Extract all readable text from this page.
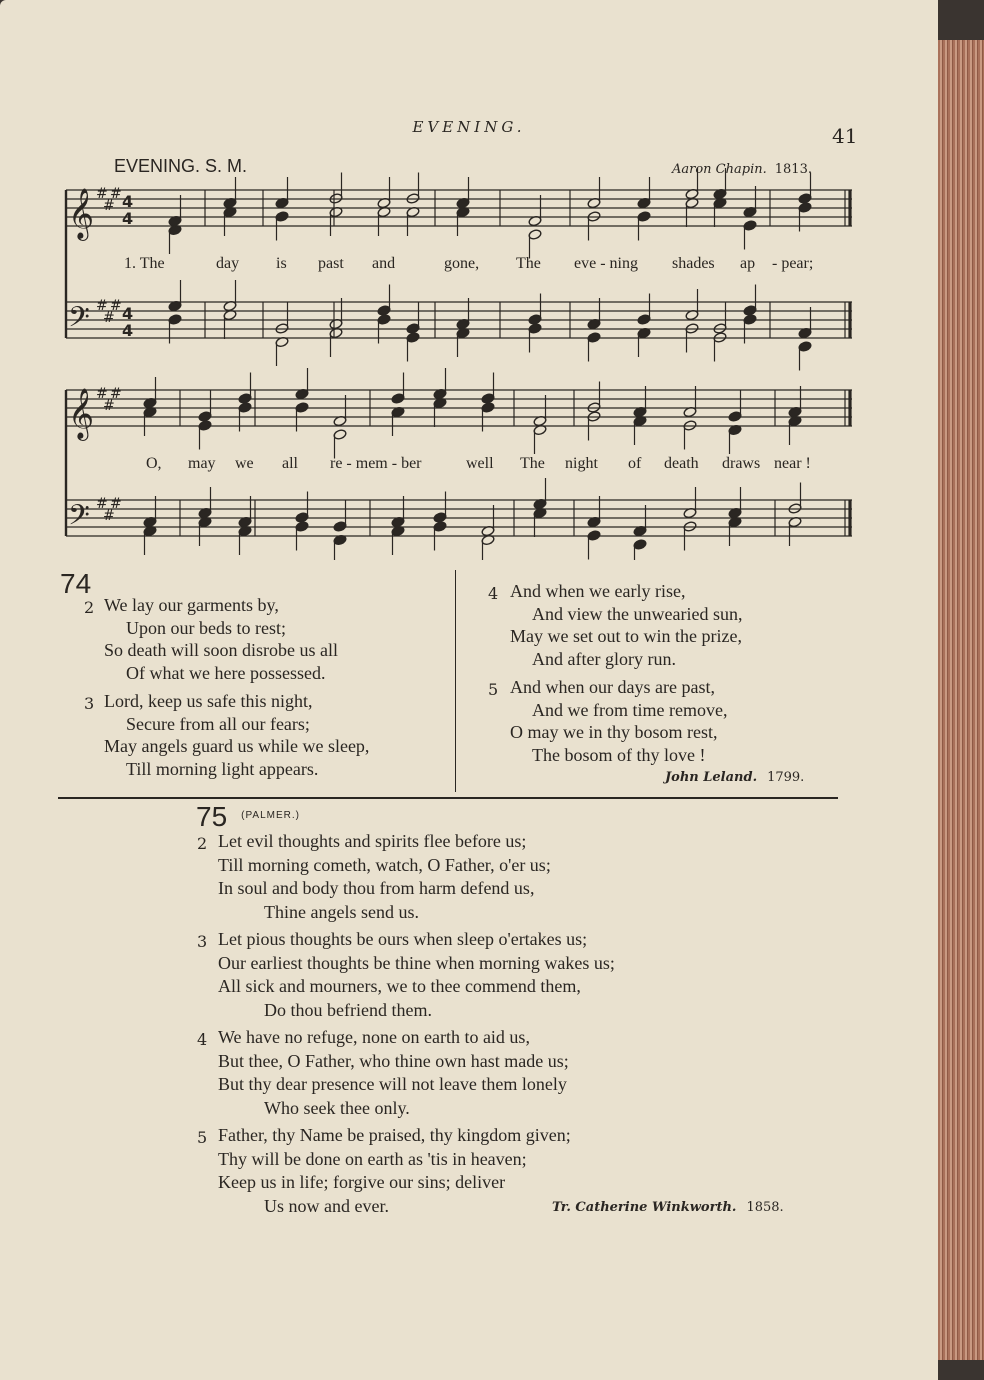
EVENING.	41
EVENING. S. M.	Aaron Chapin. 1813.
𝄞
𝄞
𝄢
𝄢
#
#
# 4
4
#
#
# 4
4
#
#
#
#
#
#
1. The	day is past and	gone, The eve - ning shades ap - pear;
O, may we all re - mem - ber	well The night of death draws near !
74
2 We lay our garments by,
Upon our beds to rest;
So death will soon disrobe us all
Of what we here possessed.
3 Lord, keep us safe this night,
Secure from all our fears;
May angels guard us while we sleep,
Till morning light appears.
4 And when we early rise,
And view the unwearied sun,
May we set out to win the prize,
And after glory run.
5 And when our days are past,
And we from time remove,
O may we in thy bosom rest,
The bosom of thy love !
John Leland. 1799.
75 $^{(PALMER.)}$
2 Let evil thoughts and spirits flee before us;
Till morning cometh, watch, O Father, o'er us;
In soul and body thou from harm defend us,
Thine angels send us.
3 Let pious thoughts be ours when sleep o'ertakes us;
Our earliest thoughts be thine when morning wakes us;
All sick and mourners, we to thee commend them,
Do thou befriend them.
4 We have no refuge, none on earth to aid us,
But thee, O Father, who thine own hast made us;
But thy dear presence will not leave them lonely
Who seek thee only.
5 Father, thy Name be praised, thy kingdom given;
Thy will be done on earth as 'tis in heaven;
Keep us in life; forgive our sins; deliver
Us now and ever.	Tr. Catherine Winkworth. 1858.
